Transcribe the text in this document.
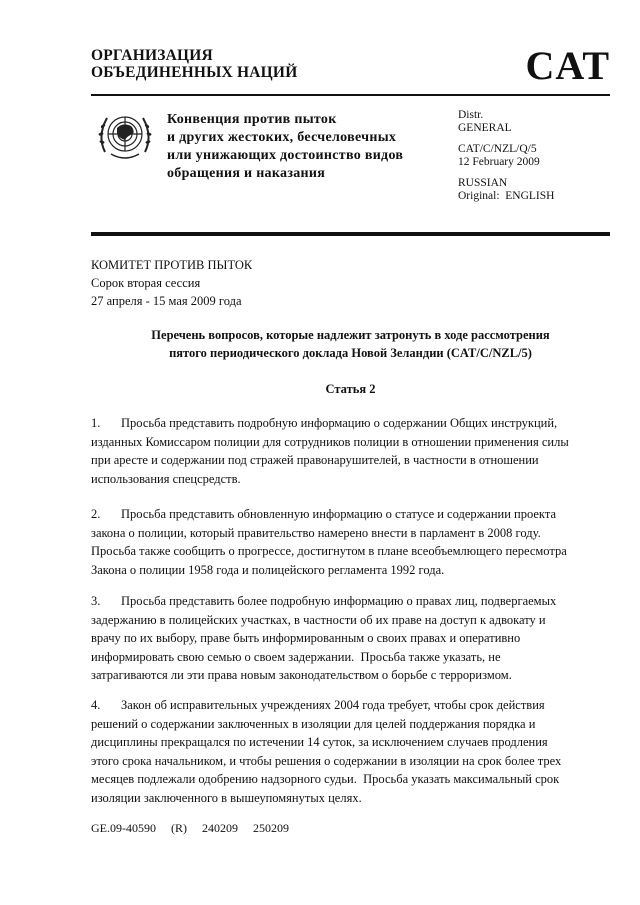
ОРГАНИЗАЦИЯ
ОБЪЕДИНЕННЫХ НАЦИЙ	CAT
Конвенция против пыток
и других жестоких, бесчеловечных
или унижающих достоинство видов
обращения и наказания
Distr.
GENERAL
CAT/C/NZL/Q/5
12 February 2009
RUSSIAN
Original:  ENGLISH
КОМИТЕТ ПРОТИВ ПЫТОК
Сорок вторая сессия
27 апреля - 15 мая 2009 года
Перечень вопросов, которые надлежит затронуть в ходе рассмотрения
пятого периодического доклада Новой Зеландии (CAT/C/NZL/5)
Статья 2
1. Просьба представить подробную информацию о содержании Общих инструкций,
изданных Комиссаром полиции для сотрудников полиции в отношении применения силы
при аресте и содержании под стражей правонарушителей, в частности в отношении
использования спецсредств.
2. Просьба представить обновленную информацию о статусе и содержании проекта
закона о полиции, который правительство намерено внести в парламент в 2008 году.
Просьба также сообщить о прогрессе, достигнутом в плане всеобъемлющего пересмотра
Закона о полиции 1958 года и полицейского регламента 1992 года.
3. Просьба представить более подробную информацию о правах лиц, подвергаемых
задержанию в полицейских участках, в частности об их праве на доступ к адвокату и
врачу по их выбору, праве быть информированным о своих правах и оперативно
информировать свою семью о своем задержании.  Просьба также указать, не
затрагиваются ли эти права новым законодательством о борьбе с терроризмом.
4. Закон об исправительных учреждениях 2004 года требует, чтобы срок действия
решений о содержании заключенных в изоляции для целей поддержания порядка и
дисциплины прекращался по истечении 14 суток, за исключением случаев продления
этого срока начальником, и чтобы решения о содержании в изоляции на срок более трех
месяцев подлежали одобрению надзорного судьи.  Просьба указать максимальный срок
изоляции заключенного в вышеупомянутых целях.
GE.09-40590   (R)   240209   250209
